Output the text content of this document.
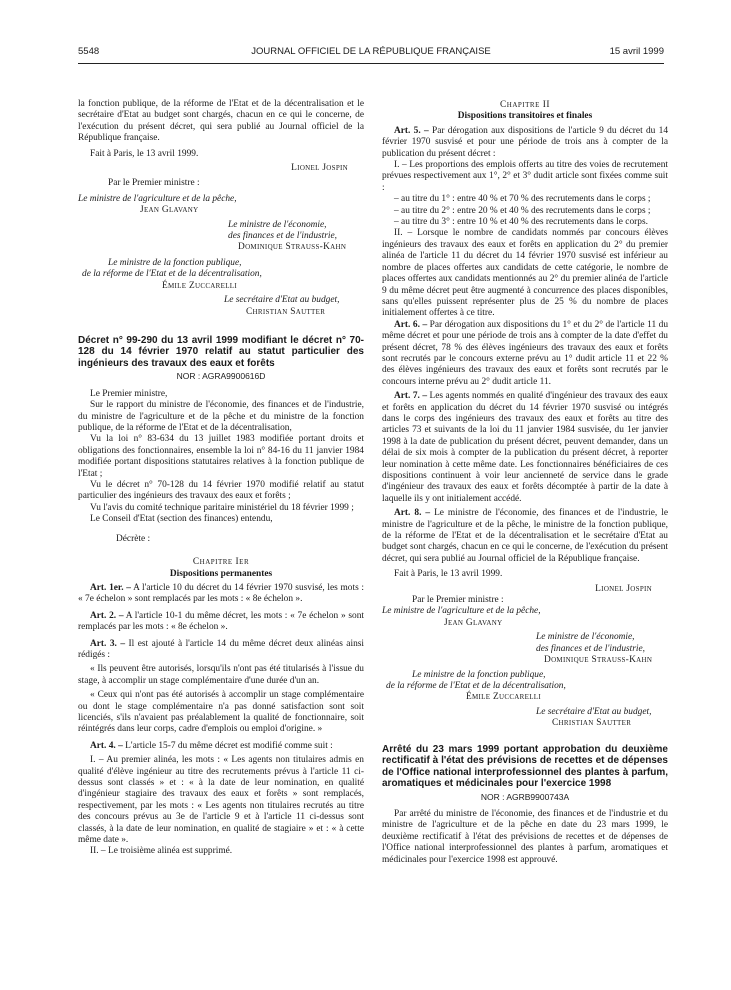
5548	JOURNAL OFFICIEL DE LA RÉPUBLIQUE FRANÇAISE	15 avril 1999

la fonction publique, de la réforme de l'Etat et de la décentralisation et le secrétaire d'Etat au budget sont chargés, chacun en ce qui le concerne, de l'exécution du présent décret, qui sera publié au Journal officiel de la République française.

Fait à Paris, le 13 avril 1999.

Lionel Jospin

Par le Premier ministre :

Le ministre de l'agriculture et de la pêche,

Jean Glavany

Le ministre de l'économie,

des finances et de l'industrie,

Dominique Strauss-Kahn

Le ministre de la fonction publique,

de la réforme de l'Etat et de la décentralisation,

Émile Zuccarelli

Le secrétaire d'Etat au budget,

Christian Sautter

Décret n° 99-290 du 13 avril 1999 modifiant le décret n° 70-128 du 14 février 1970 relatif au statut particulier des ingénieurs des travaux des eaux et forêts

NOR : AGRA9900616D

Le Premier ministre,

Sur le rapport du ministre de l'économie, des finances et de l'industrie, du ministre de l'agriculture et de la pêche et du ministre de la fonction publique, de la réforme de l'Etat et de la décentralisation,

Vu la loi n° 83-634 du 13 juillet 1983 modifiée portant droits et obligations des fonctionnaires, ensemble la loi n° 84-16 du 11 janvier 1984 modifiée portant dispositions statutaires relatives à la fonction publique de l'Etat ;

Vu le décret n° 70-128 du 14 février 1970 modifié relatif au statut particulier des ingénieurs des travaux des eaux et forêts ;

Vu l'avis du comité technique paritaire ministériel du 18 février 1999 ;

Le Conseil d'Etat (section des finances) entendu,

Décrète :

Chapitre Ier

Dispositions permanentes

Art. 1er. – A l'article 10 du décret du 14 février 1970 susvisé, les mots : « 7e échelon » sont remplacés par les mots : « 8e échelon ».

Art. 2. – A l'article 10-1 du même décret, les mots : « 7e échelon » sont remplacés par les mots : « 8e échelon ».

Art. 3. – Il est ajouté à l'article 14 du même décret deux alinéas ainsi rédigés :

« Ils peuvent être autorisés, lorsqu'ils n'ont pas été titularisés à l'issue du stage, à accomplir un stage complémentaire d'une durée d'un an.

« Ceux qui n'ont pas été autorisés à accomplir un stage complémentaire ou dont le stage complémentaire n'a pas donné satisfaction sont soit licenciés, s'ils n'avaient pas préalablement la qualité de fonctionnaire, soit réintégrés dans leur corps, cadre d'emplois ou emploi d'origine. »

Art. 4. – L'article 15-7 du même décret est modifié comme suit :

I. – Au premier alinéa, les mots : « Les agents non titulaires admis en qualité d'élève ingénieur au titre des recrutements prévus à l'article 11 ci-dessus sont classés » et : « à la date de leur nomination, en qualité d'ingénieur stagiaire des travaux des eaux et forêts » sont remplacés, respectivement, par les mots : « Les agents non titulaires recrutés au titre des concours prévus au 3e de l'article 9 et à l'article 11 ci-dessus sont classés, à la date de leur nomination, en qualité de stagiaire » et : « à cette même date ».

II. – Le troisième alinéa est supprimé.

Chapitre II

Dispositions transitoires et finales

Art. 5. – Par dérogation aux dispositions de l'article 9 du décret du 14 février 1970 susvisé et pour une période de trois ans à compter de la publication du présent décret :

I. – Les proportions des emplois offerts au titre des voies de recrutement prévues respectivement aux 1°, 2° et 3° dudit article sont fixées comme suit :

– au titre du 1° : entre 40 % et 70 % des recrutements dans le corps ;

– au titre du 2° : entre 20 % et 40 % des recrutements dans le corps ;

– au titre du 3° : entre 10 % et 40 % des recrutements dans le corps.

II. – Lorsque le nombre de candidats nommés par concours élèves ingénieurs des travaux des eaux et forêts en application du 2° du premier alinéa de l'article 11 du décret du 14 février 1970 susvisé est inférieur au nombre de places offertes aux candidats de cette catégorie, le nombre de places offertes aux candidats mentionnés au 2° du premier alinéa de l'article 9 du même décret peut être augmenté à concurrence des places disponibles, sans qu'elles puissent représenter plus de 25 % du nombre de places initialement offertes à ce titre.

Art. 6. – Par dérogation aux dispositions du 1° et du 2° de l'article 11 du même décret et pour une période de trois ans à compter de la date d'effet du présent décret, 78 % des élèves ingénieurs des travaux des eaux et forêts sont recrutés par le concours externe prévu au 1° dudit article 11 et 22 % des élèves ingénieurs des travaux des eaux et forêts sont recrutés par le concours interne prévu au 2° dudit article 11.

Art. 7. – Les agents nommés en qualité d'ingénieur des travaux des eaux et forêts en application du décret du 14 février 1970 susvisé ou intégrés dans le corps des ingénieurs des travaux des eaux et forêts au titre des articles 73 et suivants de la loi du 11 janvier 1984 susvisée, du 1er janvier 1998 à la date de publication du présent décret, peuvent demander, dans un délai de six mois à compter de la publication du présent décret, à reporter leur nomination à cette même date. Les fonctionnaires bénéficiaires de ces dispositions continuent à voir leur ancienneté de service dans le grade d'ingénieur des travaux des eaux et forêts décomptée à partir de la date à laquelle ils y ont initialement accédé.

Art. 8. – Le ministre de l'économie, des finances et de l'industrie, le ministre de l'agriculture et de la pêche, le ministre de la fonction publique, de la réforme de l'Etat et de la décentralisation et le secrétaire d'Etat au budget sont chargés, chacun en ce qui le concerne, de l'exécution du présent décret, qui sera publié au Journal officiel de la République française.

Fait à Paris, le 13 avril 1999.

Lionel Jospin

Par le Premier ministre :

Le ministre de l'agriculture et de la pêche,

Jean Glavany

Le ministre de l'économie,

des finances et de l'industrie,

Dominique Strauss-Kahn

Le ministre de la fonction publique,

de la réforme de l'Etat et de la décentralisation,

Émile Zuccarelli

Le secrétaire d'Etat au budget,

Christian Sautter

Arrêté du 23 mars 1999 portant approbation du deuxième rectificatif à l'état des prévisions de recettes et de dépenses de l'Office national interprofessionnel des plantes à parfum, aromatiques et médicinales pour l'exercice 1998

NOR : AGRB9900743A

Par arrêté du ministre de l'économie, des finances et de l'industrie et du ministre de l'agriculture et de la pêche en date du 23 mars 1999, le deuxième rectificatif à l'état des prévisions de recettes et de dépenses de l'Office national interprofessionnel des plantes à parfum, aromatiques et médicinales pour l'exercice 1998 est approuvé.
